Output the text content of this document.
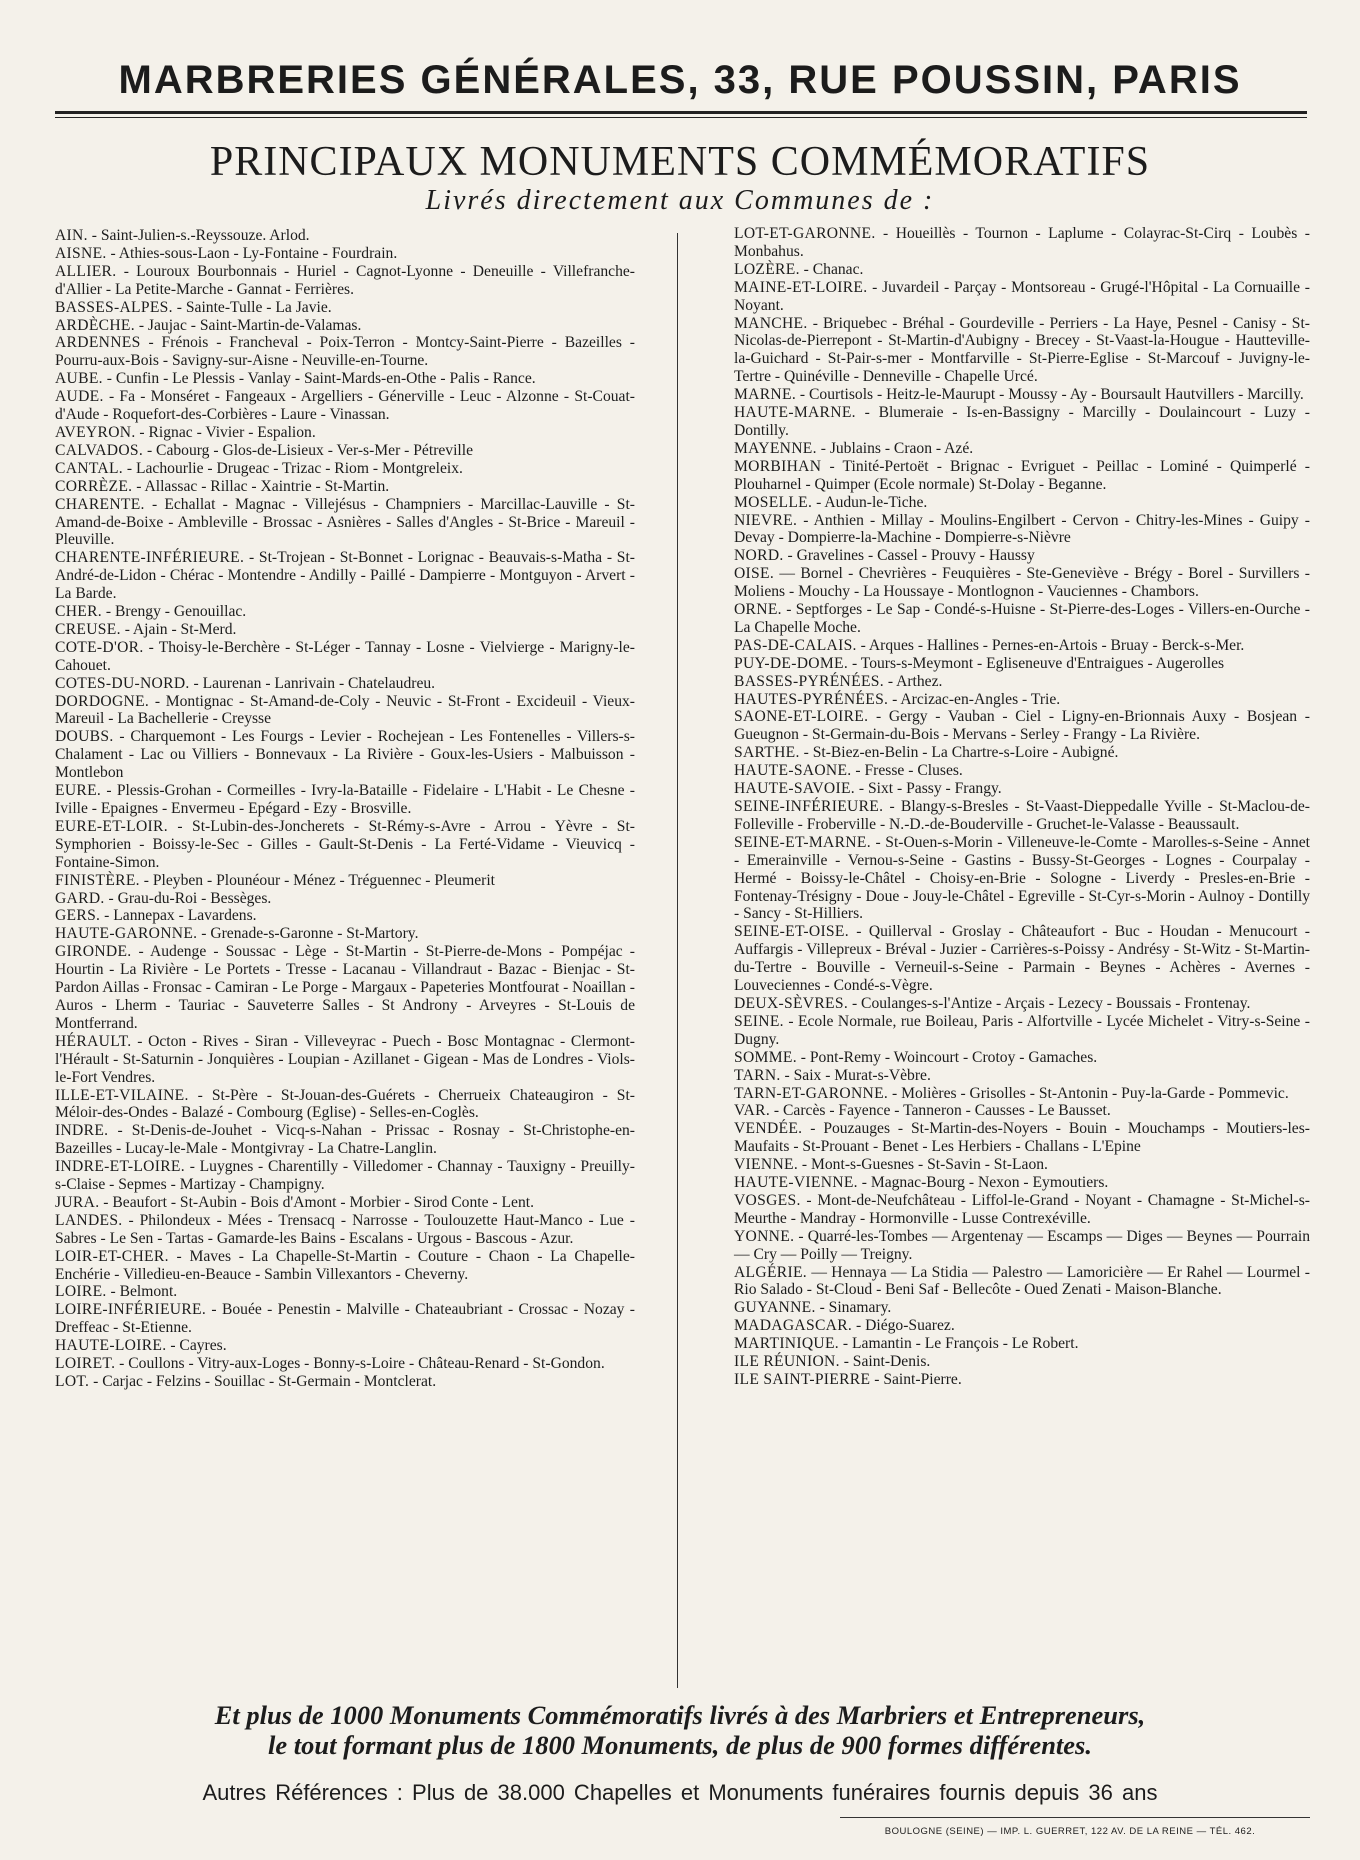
MARBRERIES GÉNÉRALES, 33, RUE POUSSIN, PARIS
PRINCIPAUX MONUMENTS COMMÉMORATIFS
Livrés directement aux Communes de :

AIN. - Saint-Julien-s.-Reyssouze. Arlod.

AISNE. - Athies-sous-Laon - Ly-Fontaine - Fourdrain.

ALLIER. - Louroux Bourbonnais - Huriel - Cagnot-Lyonne - Deneuille - Villefranche-d'Allier - La Petite-Marche - Gannat - Ferrières.

BASSES-ALPES. - Sainte-Tulle - La Javie.

ARDÈCHE. - Jaujac - Saint-Martin-de-Valamas.

ARDENNES - Frénois - Francheval - Poix-Terron - Montcy-Saint-Pierre - Bazeilles - Pourru-aux-Bois - Savigny-sur-Aisne - Neuville-en-Tourne.

AUBE. - Cunfin - Le Plessis - Vanlay - Saint-Mards-en-Othe - Palis - Rance.

AUDE. - Fa - Monséret - Fangeaux - Argelliers - Génerville - Leuc - Alzonne - St-Couat-d'Aude - Roquefort-des-Corbières - Laure - Vinassan.

AVEYRON. - Rignac - Vivier - Espalion.

CALVADOS. - Cabourg - Glos-de-Lisieux - Ver-s-Mer - Pétreville

CANTAL. - Lachourlie - Drugeac - Trizac - Riom - Montgreleix.

CORRÈZE. - Allassac - Rillac - Xaintrie - St-Martin.

CHARENTE. - Echallat - Magnac - Villejésus - Champniers - Marcillac-Lauville - St-Amand-de-Boixe - Ambleville - Brossac - Asnières - Salles d'Angles - St-Brice - Mareuil - Pleuville.

CHARENTE-INFÉRIEURE. - St-Trojean - St-Bonnet - Lorignac - Beauvais-s-Matha - St-André-de-Lidon - Chérac - Montendre - Andilly - Paillé - Dampierre - Montguyon - Arvert - La Barde.

CHER. - Brengy - Genouillac.

CREUSE. - Ajain - St-Merd.

COTE-D'OR. - Thoisy-le-Berchère - St-Léger - Tannay - Losne - Vielvierge - Marigny-le-Cahouet.

COTES-DU-NORD. - Laurenan - Lanrivain - Chatelaudreu.

DORDOGNE. - Montignac - St-Amand-de-Coly - Neuvic - St-Front - Excideuil - Vieux-Mareuil - La Bachellerie - Creysse

DOUBS. - Charquemont - Les Fourgs - Levier - Rochejean - Les Fontenelles - Villers-s-Chalament - Lac ou Villiers - Bonnevaux - La Rivière - Goux-les-Usiers - Malbuisson - Montlebon

EURE. - Plessis-Grohan - Cormeilles - Ivry-la-Bataille - Fidelaire - L'Habit - Le Chesne - Iville - Epaignes - Envermeu - Epégard - Ezy - Brosville.

EURE-ET-LOIR. - St-Lubin-des-Joncherets - St-Rémy-s-Avre - Arrou - Yèvre - St-Symphorien - Boissy-le-Sec - Gilles - Gault-St-Denis - La Ferté-Vidame - Vieuvicq - Fontaine-Simon.

FINISTÈRE. - Pleyben - Plounéour - Ménez - Tréguennec - Pleumerit

GARD. - Grau-du-Roi - Bessèges.

GERS. - Lannepax - Lavardens.

HAUTE-GARONNE. - Grenade-s-Garonne - St-Martory.

GIRONDE. - Audenge - Soussac - Lège - St-Martin - St-Pierre-de-Mons - Pompéjac - Hourtin - La Rivière - Le Portets - Tresse - Lacanau - Villandraut - Bazac - Bienjac - St-Pardon Aillas - Fronsac - Camiran - Le Porge - Margaux - Papeteries Montfourat - Noaillan - Auros - Lherm - Tauriac - Sauveterre Salles - St Androny - Arveyres - St-Louis de Montferrand.

HÉRAULT. - Octon - Rives - Siran - Villeveyrac - Puech - Bosc Montagnac - Clermont-l'Hérault - St-Saturnin - Jonquières - Loupian - Azillanet - Gigean - Mas de Londres - Viols-le-Fort Vendres.

ILLE-ET-VILAINE. - St-Père - St-Jouan-des-Guérets - Cherrueix Chateaugiron - St-Méloir-des-Ondes - Balazé - Combourg (Eglise) - Selles-en-Coglès.

INDRE. - St-Denis-de-Jouhet - Vicq-s-Nahan - Prissac - Rosnay - St-Christophe-en-Bazeilles - Lucay-le-Male - Montgivray - La Chatre-Langlin.

INDRE-ET-LOIRE. - Luygnes - Charentilly - Villedomer - Channay - Tauxigny - Preuilly-s-Claise - Sepmes - Martizay - Champigny.

JURA. - Beaufort - St-Aubin - Bois d'Amont - Morbier - Sirod Conte - Lent.

LANDES. - Philondeux - Mées - Trensacq - Narrosse - Toulouzette Haut-Manco - Lue - Sabres - Le Sen - Tartas - Gamarde-les Bains - Escalans - Urgous - Bascous - Azur.

LOIR-ET-CHER. - Maves - La Chapelle-St-Martin - Couture - Chaon - La Chapelle-Enchérie - Villedieu-en-Beauce - Sambin Villexantors - Cheverny.

LOIRE. - Belmont.

LOIRE-INFÉRIEURE. - Bouée - Penestin - Malville - Chateaubriant - Crossac - Nozay - Dreffeac - St-Etienne.

HAUTE-LOIRE. - Cayres.

LOIRET. - Coullons - Vitry-aux-Loges - Bonny-s-Loire - Château-Renard - St-Gondon.

LOT. - Carjac - Felzins - Souillac - St-Germain - Montclerat.

LOT-ET-GARONNE. - Houeillès - Tournon - Laplume - Colayrac-St-Cirq - Loubès - Monbahus.

LOZÈRE. - Chanac.

MAINE-ET-LOIRE. - Juvardeil - Parçay - Montsoreau - Grugé-l'Hôpital - La Cornuaille - Noyant.

MANCHE. - Briquebec - Bréhal - Gourdeville - Perriers - La Haye, Pesnel - Canisy - St-Nicolas-de-Pierrepont - St-Martin-d'Aubigny - Brecey - St-Vaast-la-Hougue - Hautteville-la-Guichard - St-Pair-s-mer - Montfarville - St-Pierre-Eglise - St-Marcouf - Juvigny-le-Tertre - Quinéville - Denneville - Chapelle Urcé.

MARNE. - Courtisols - Heitz-le-Maurupt - Moussy - Ay - Boursault Hautvillers - Marcilly.

HAUTE-MARNE. - Blumeraie - Is-en-Bassigny - Marcilly - Doulaincourt - Luzy - Dontilly.

MAYENNE. - Jublains - Craon - Azé.

MORBIHAN - Tinité-Pertoët - Brignac - Evriguet - Peillac - Lominé - Quimperlé - Plouharnel - Quimper (Ecole normale) St-Dolay - Beganne.

MOSELLE. - Audun-le-Tiche.

NIEVRE. - Anthien - Millay - Moulins-Engilbert - Cervon - Chitry-les-Mines - Guipy - Devay - Dompierre-la-Machine - Dompierre-s-Nièvre

NORD. - Gravelines - Cassel - Prouvy - Haussy

OISE. — Bornel - Chevrières - Feuquières - Ste-Geneviève - Brégy - Borel - Survillers - Moliens - Mouchy - La Houssaye - Montlognon - Vauciennes - Chambors.

ORNE. - Septforges - Le Sap - Condé-s-Huisne - St-Pierre-des-Loges - Villers-en-Ourche - La Chapelle Moche.

PAS-DE-CALAIS. - Arques - Hallines - Pernes-en-Artois - Bruay - Berck-s-Mer.

PUY-DE-DOME. - Tours-s-Meymont - Egliseneuve d'Entraigues - Augerolles

BASSES-PYRÉNÉES. - Arthez.

HAUTES-PYRÉNÉES. - Arcizac-en-Angles - Trie.

SAONE-ET-LOIRE. - Gergy - Vauban - Ciel - Ligny-en-Brionnais Auxy - Bosjean - Gueugnon - St-Germain-du-Bois - Mervans - Serley - Frangy - La Rivière.

SARTHE. - St-Biez-en-Belin - La Chartre-s-Loire - Aubigné.

HAUTE-SAONE. - Fresse - Cluses.

HAUTE-SAVOIE. - Sixt - Passy - Frangy.

SEINE-INFÉRIEURE. - Blangy-s-Bresles - St-Vaast-Dieppedalle Yville - St-Maclou-de-Folleville - Froberville - N.-D.-de-Bouderville - Gruchet-le-Valasse - Beaussault.

SEINE-ET-MARNE. - St-Ouen-s-Morin - Villeneuve-le-Comte - Marolles-s-Seine - Annet - Emerainville - Vernou-s-Seine - Gastins - Bussy-St-Georges - Lognes - Courpalay - Hermé - Boissy-le-Châtel - Choisy-en-Brie - Sologne - Liverdy - Presles-en-Brie - Fontenay-Trésigny - Doue - Jouy-le-Châtel - Egreville - St-Cyr-s-Morin - Aulnoy - Dontilly - Sancy - St-Hilliers.

SEINE-ET-OISE. - Quillerval - Groslay - Châteaufort - Buc - Houdan - Menucourt - Auffargis - Villepreux - Bréval - Juzier - Carrières-s-Poissy - Andrésy - St-Witz - St-Martin-du-Tertre - Bouville - Verneuil-s-Seine - Parmain - Beynes - Achères - Avernes - Louveciennes - Condé-s-Vègre.

DEUX-SÈVRES. - Coulanges-s-l'Antize - Arçais - Lezecy - Boussais - Frontenay.

SEINE. - Ecole Normale, rue Boileau, Paris - Alfortville - Lycée Michelet - Vitry-s-Seine - Dugny.

SOMME. - Pont-Remy - Woincourt - Crotoy - Gamaches.

TARN. - Saix - Murat-s-Vèbre.

TARN-ET-GARONNE. - Molières - Grisolles - St-Antonin - Puy-la-Garde - Pommevic.

VAR. - Carcès - Fayence - Tanneron - Causses - Le Bausset.

VENDÉE. - Pouzauges - St-Martin-des-Noyers - Bouin - Mouchamps - Moutiers-les-Maufaits - St-Prouant - Benet - Les Herbiers - Challans - L'Epine

VIENNE. - Mont-s-Guesnes - St-Savin - St-Laon.

HAUTE-VIENNE. - Magnac-Bourg - Nexon - Eymoutiers.

VOSGES. - Mont-de-Neufchâteau - Liffol-le-Grand - Noyant - Chamagne - St-Michel-s-Meurthe - Mandray - Hormonville - Lusse Contrexéville.

YONNE. - Quarré-les-Tombes — Argentenay — Escamps — Diges — Beynes — Pourrain — Cry — Poilly — Treigny.

ALGÉRIE. — Hennaya — La Stidia — Palestro — Lamoricière — Er Rahel — Lourmel - Rio Salado - St-Cloud - Beni Saf - Bellecôte - Oued Zenati - Maison-Blanche.

GUYANNE. - Sinamary.

MADAGASCAR. - Diégo-Suarez.

MARTINIQUE. - Lamantin - Le François - Le Robert.

ILE RÉUNION. - Saint-Denis.

ILE SAINT-PIERRE - Saint-Pierre.

Et plus de 1000 Monuments Commémoratifs livrés à des Marbriers et Entrepreneurs,
le tout formant plus de 1800 Monuments, de plus de 900 formes différentes.
Autres Références : Plus de 38.000 Chapelles et Monuments funéraires fournis depuis 36 ans
BOULOGNE (SEINE) — IMP. L. GUERRET, 122 AV. DE LA REINE — TÉL. 462.
